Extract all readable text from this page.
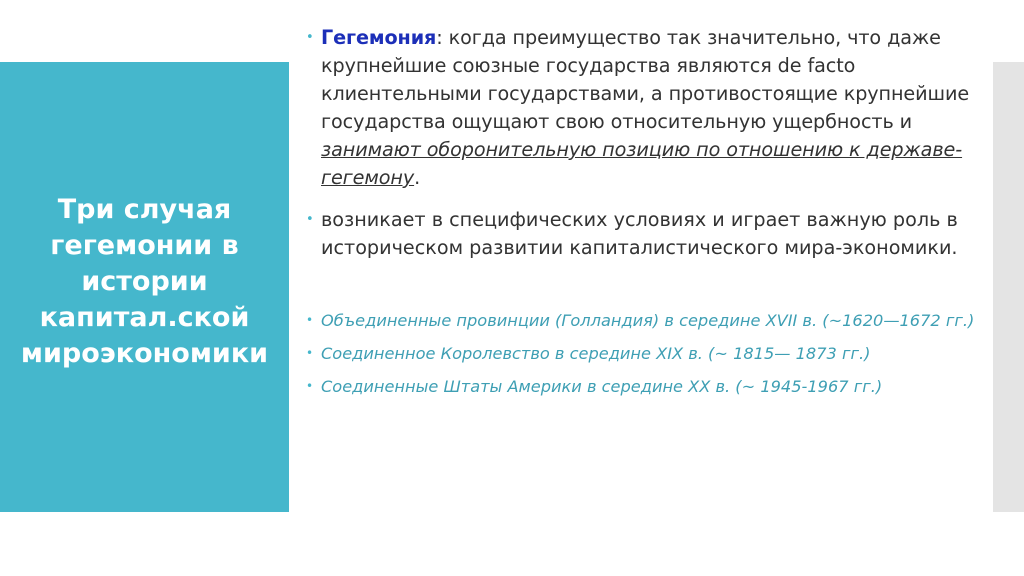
Три случая
гегемонии в
истории
капитал.ской
мироэкономики
• Гегемония: когда преимущество так значительно, что даже крупнейшие союзные государства являются de facto клиентельными государствами, а противостоящие крупнейшие государства ощущают свою относительную ущербность и занимают оборонительную позицию по отношению к державе-гегемону.
• возникает в специфических условиях и играет важную роль в историческом развитии капиталистического мира-экономики.
• Объединенные провинции (Голландия) в середине XVII в. (~1620—1672 гг.)
• Соединенное Королевство в середине XIX в. (~ 1815— 1873 гг.)
• Соединенные Штаты Америки в середине XX в. (~ 1945-1967 гг.)
